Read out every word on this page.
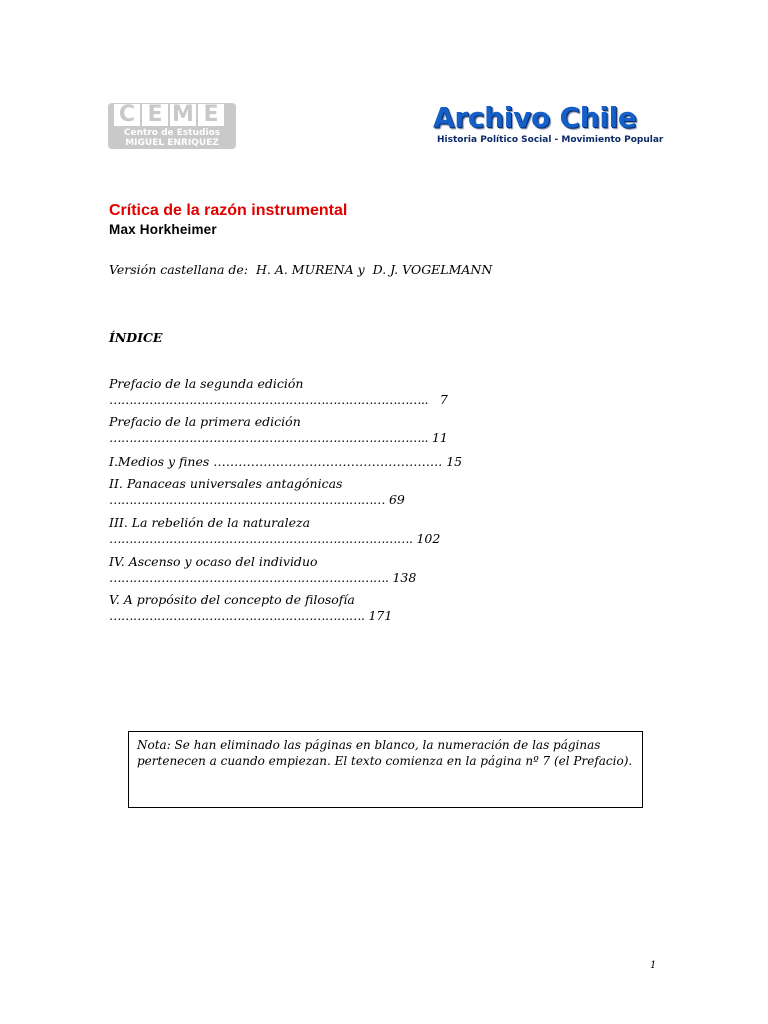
C E M E
Centro de Estudios
MIGUEL ENRIQUEZ
Archivo Chile
Historia Político Social - Movimiento Popular
Crítica de la razón instrumental
Max Horkheimer
Versión castellana de:  H. A. MURENA y  D. J. VOGELMANN
ÍNDICE
Prefacio de la segunda edición
…………………………………………………………………….. 7
Prefacio de la primera edición
…………………………………………………………………….. 11
I.Medios y fines ………………………………………………. 15
II. Panaceas universales antagónicas
…………………………………………………………… 69
III. La rebelión de la naturaleza
…………………………………………………………………. 102
IV. Ascenso y ocaso del individuo
……………………………………………………………. 138
V. A propósito del concepto de filosofía
………………………………………………………. 171
Nota: Se han eliminado las páginas en blanco, la numeración de las páginas pertenecen a cuando empiezan. El texto comienza en la página nº 7 (el Prefacio).
1
